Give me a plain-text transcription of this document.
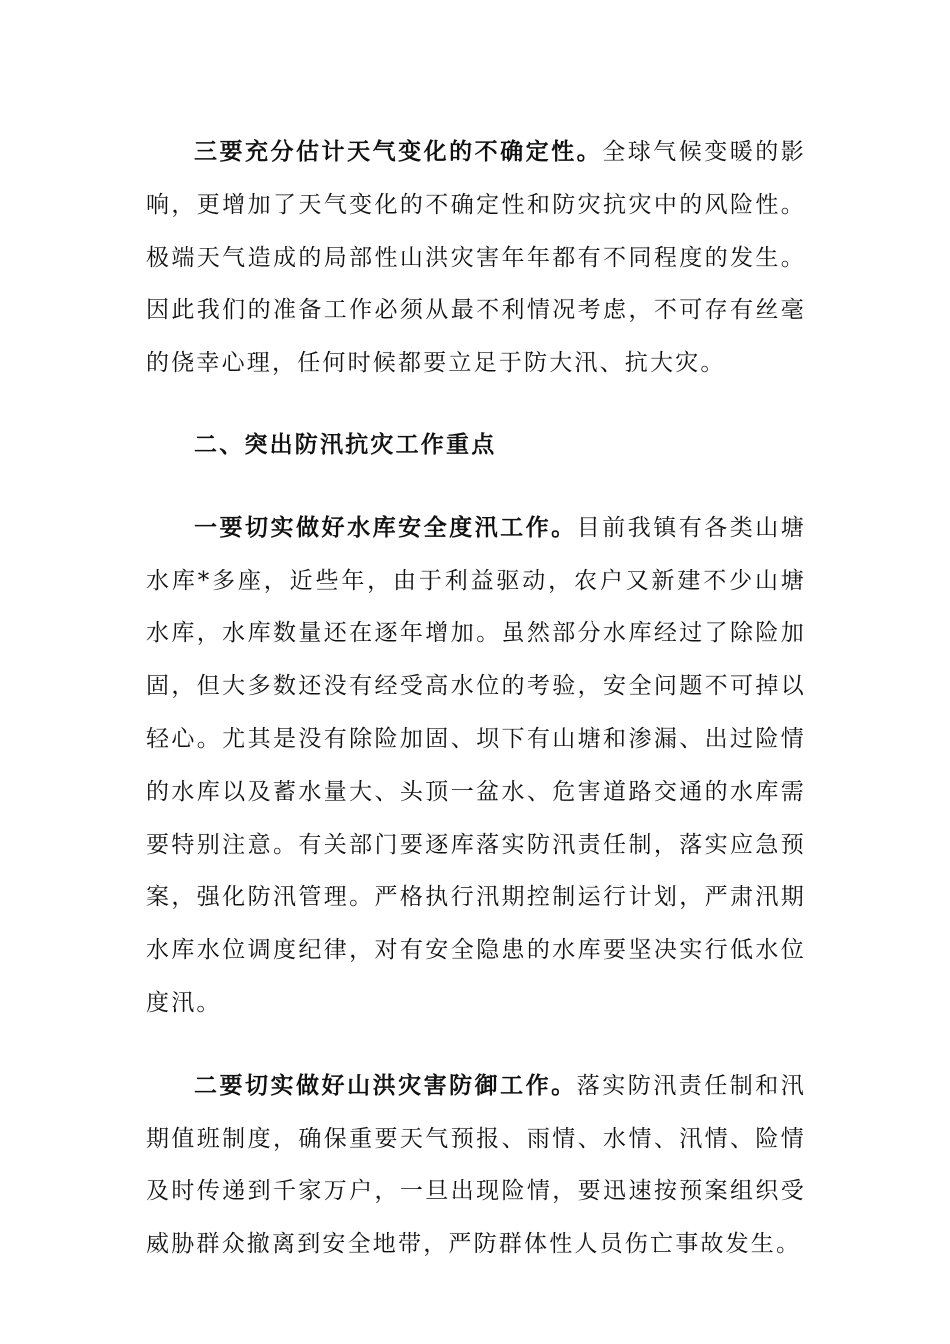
三要充分估计天气变化的不确定性。全球气候变暖的影响，更增加了天气变化的不确定性和防灾抗灾中的风险性。极端天气造成的局部性山洪灾害年年都有不同程度的发生。因此我们的准备工作必须从最不利情况考虑，不可存有丝毫的侥幸心理，任何时候都要立足于防大汛、抗大灾。

二、突出防汛抗灾工作重点

一要切实做好水库安全度汛工作。目前我镇有各类山塘水库*多座，近些年，由于利益驱动，农户又新建不少山塘水库，水库数量还在逐年增加。虽然部分水库经过了除险加固，但大多数还没有经受高水位的考验，安全问题不可掉以轻心。尤其是没有除险加固、坝下有山塘和渗漏、出过险情的水库以及蓄水量大、头顶一盆水、危害道路交通的水库需要特别注意。有关部门要逐库落实防汛责任制，落实应急预案，强化防汛管理。严格执行汛期控制运行计划，严肃汛期水库水位调度纪律，对有安全隐患的水库要坚决实行低水位度汛。

二要切实做好山洪灾害防御工作。落实防汛责任制和汛期值班制度，确保重要天气预报、雨情、水情、汛情、险情及时传递到千家万户，一旦出现险情，要迅速按预案组织受威胁群众撤离到安全地带，严防群体性人员伤亡事故发生。
